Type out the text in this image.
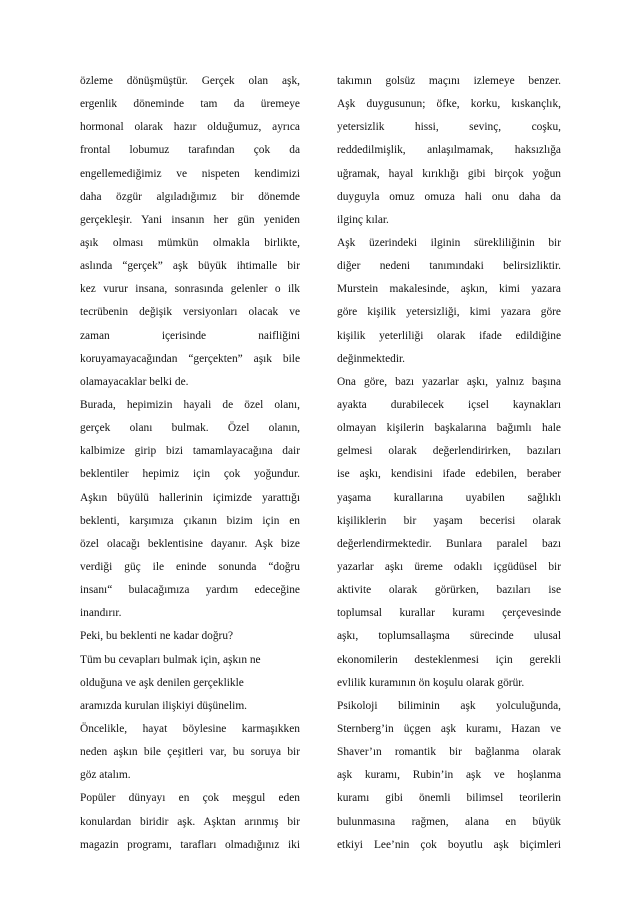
özleme dönüşmüştür. Gerçek olan aşk,
ergenlik döneminde tam da üremeye
hormonal olarak hazır olduğumuz, ayrıca
frontal lobumuz tarafından çok da
engellemediğimiz ve nispeten kendimizi
daha özgür algıladığımız bir dönemde
gerçekleşir. Yani insanın her gün yeniden
aşık olması mümkün olmakla birlikte,
aslında “gerçek” aşk büyük ihtimalle bir
kez vurur insana, sonrasında gelenler o ilk
tecrübenin değişik versiyonları olacak ve
zaman içerisinde naifliğini
koruyamayacağından “gerçekten” aşık bile
olamayacaklar belki de.
Burada, hepimizin hayali de özel olanı,
gerçek olanı bulmak. Özel olanın,
kalbimize girip bizi tamamlayacağına dair
beklentiler hepimiz için çok yoğundur.
Aşkın büyülü hallerinin içimizde yarattığı
beklenti, karşımıza çıkanın bizim için en
özel olacağı beklentisine dayanır. Aşk bize
verdiği güç ile eninde sonunda “doğru
insanı“ bulacağımıza yardım edeceğine
inandırır.
Peki, bu beklenti ne kadar doğru?
Tüm bu cevapları bulmak için, aşkın ne
olduğuna ve aşk denilen gerçeklikle
aramızda kurulan ilişkiyi düşünelim.
Öncelikle, hayat böylesine karmaşıkken
neden aşkın bile çeşitleri var, bu soruya bir
göz atalım.
Popüler dünyayı en çok meşgul eden
konulardan biridir aşk. Aşktan arınmış bir
magazin programı, tarafları olmadığınız iki
takımın golsüz maçını izlemeye benzer.
Aşk duygusunun; öfke, korku, kıskançlık,
yetersizlik hissi, sevinç, coşku,
reddedilmişlik, anlaşılmamak, haksızlığa
uğramak, hayal kırıklığı gibi birçok yoğun
duyguyla omuz omuza hali onu daha da
ilginç kılar.
Aşk üzerindeki ilginin sürekliliğinin bir
diğer nedeni tanımındaki belirsizliktir.
Murstein makalesinde, aşkın, kimi yazara
göre kişilik yetersizliği, kimi yazara göre
kişilik yeterliliği olarak ifade edildiğine
değinmektedir.
Ona göre, bazı yazarlar aşkı, yalnız başına
ayakta durabilecek içsel kaynakları
olmayan kişilerin başkalarına bağımlı hale
gelmesi olarak değerlendirirken, bazıları
ise aşkı, kendisini ifade edebilen, beraber
yaşama kurallarına uyabilen sağlıklı
kişiliklerin bir yaşam becerisi olarak
değerlendirmektedir. Bunlara paralel bazı
yazarlar aşkı üreme odaklı içgüdüsel bir
aktivite olarak görürken, bazıları ise
toplumsal kurallar kuramı çerçevesinde
aşkı, toplumsallaşma sürecinde ulusal
ekonomilerin desteklenmesi için gerekli
evlilik kuramının ön koşulu olarak görür.
Psikoloji biliminin aşk yolculuğunda,
Sternberg’in üçgen aşk kuramı, Hazan ve
Shaver’ın romantik bir bağlanma olarak
aşk kuramı, Rubin’in aşk ve hoşlanma
kuramı gibi önemli bilimsel teorilerin
bulunmasına rağmen, alana en büyük
etkiyi Lee’nin çok boyutlu aşk biçimleri
